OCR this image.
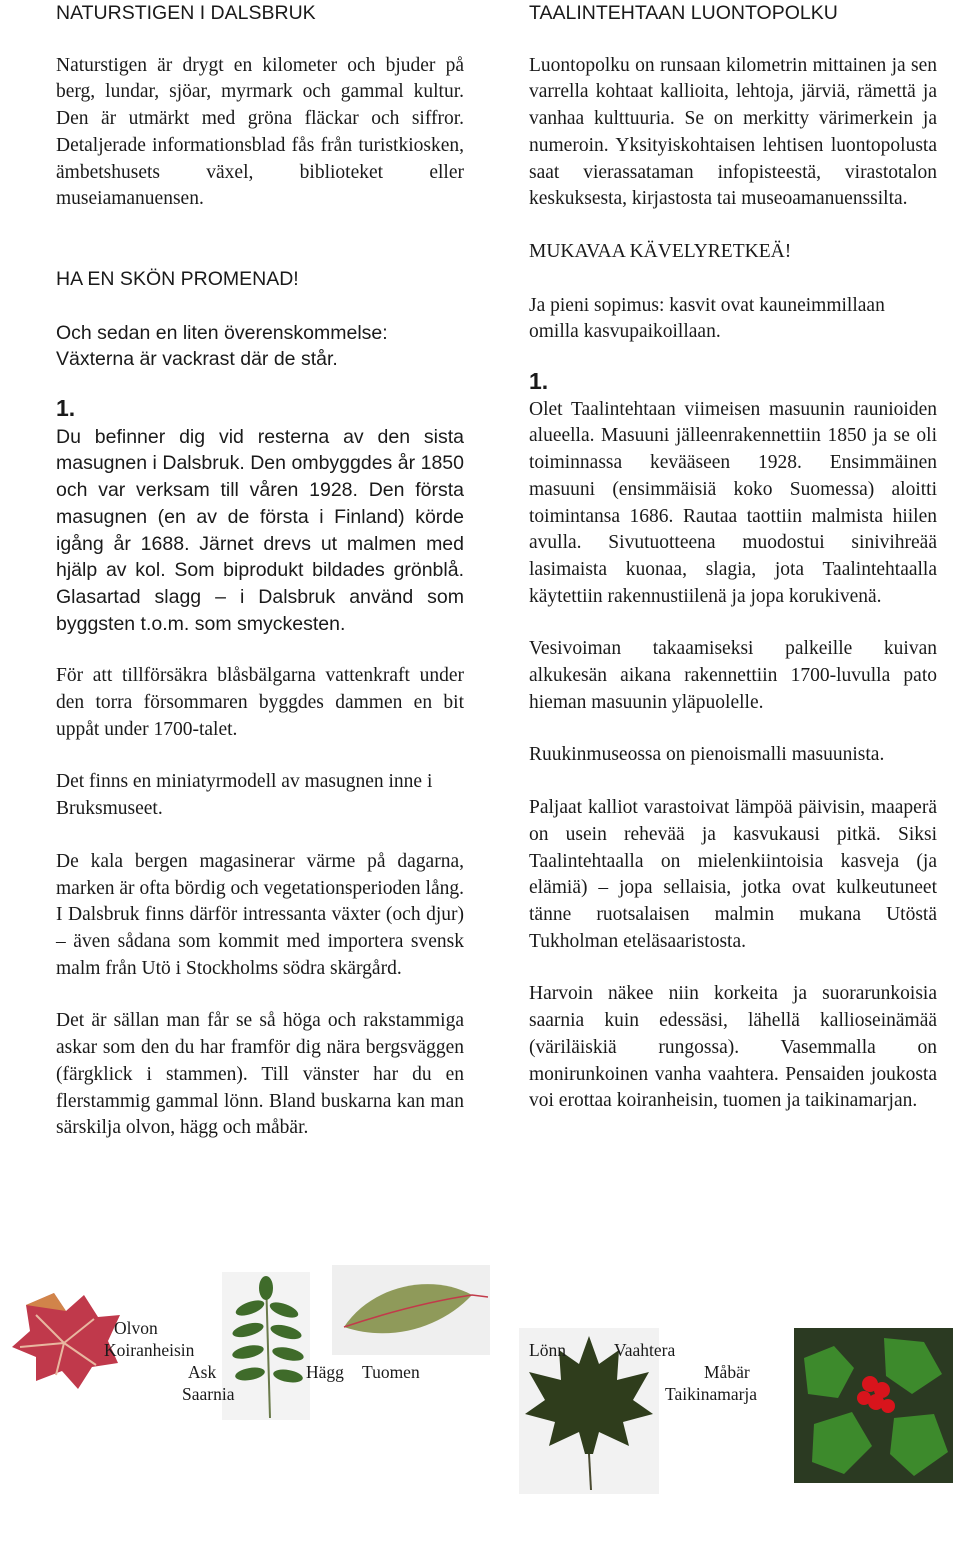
NATURSTIGEN I DALSBRUK

Naturstigen är drygt en kilometer och bjuder på berg, lundar, sjöar, myrmark och gammal kultur. Den är utmärkt med gröna fläckar och siffror. Detaljerade informationsblad fås från turistkiosken, ämbetshusets växel, biblioteket eller museiamanuensen.

HA EN SKÖN PROMENAD!

Och sedan en liten överenskommelse: Växterna är vackrast där de står.

1.

Du befinner dig vid resterna av den sista masugnen i Dalsbruk. Den ombyggdes år 1850 och var verksam till våren 1928. Den första masugnen (en av de första i Finland) körde igång år 1688. Järnet drevs ut malmen med hjälp av kol. Som biprodukt bildades grönblå. Glasartad slagg – i Dalsbruk använd som byggsten t.o.m. som smyckesten.

För att tillförsäkra blåsbälgarna vattenkraft under den torra försommaren byggdes dammen en bit uppåt under 1700-talet.

Det finns en miniatyrmodell av masugnen inne i Bruksmuseet.

De kala bergen magasinerar värme på dagarna, marken är ofta bördig och vegetationsperioden lång. I Dalsbruk finns därför intressanta växter (och djur) – även sådana som kommit med importera svensk malm från Utö i Stockholms södra skärgård.

Det är sällan man får se så höga och rakstammiga askar som den du har framför dig nära bergsväggen (färgklick i stammen). Till vänster har du en flerstammig gammal lönn. Bland buskarna kan man särskilja olvon, hägg och måbär.

TAALINTEHTAAN LUONTOPOLKU

Luontopolku on runsaan kilometrin mittainen ja sen varrella kohtaat kallioita, lehtoja, järviä, rämettä ja vanhaa kulttuuria. Se on merkitty värimerkein ja numeroin. Yksityiskohtaisen lehtisen luontopolusta saat vierassataman infopisteestä, virastotalon keskuksesta, kirjastosta tai museoamanuenssilta.

MUKAVAA KÄVELYRETKEÄ!

Ja pieni sopimus: kasvit ovat kauneimmillaan omilla kasvupaikoillaan.

1.

Olet Taalintehtaan viimeisen masuunin raunioiden alueella. Masuuni jälleenrakennettiin 1850 ja se oli toiminnassa kevääseen 1928. Ensimmäinen masuuni (ensimmäisiä koko Suomessa) aloitti toimintansa 1686. Rautaa taottiin malmista hiilen avulla. Sivutuotteena muodostui sinivihreää lasimaista kuonaa, slagia, jota Taalintehtaalla käytettiin rakennustiilenä ja jopa korukivenä.

Vesivoiman takaamiseksi palkeille kuivan alkukesän aikana rakennettiin 1700-luvulla pato hieman masuunin yläpuolelle.

Ruukinmuseossa on pienoismalli masuunista.

Paljaat kalliot varastoivat lämpöä päivisin, maaperä on usein rehevää ja kasvukausi pitkä. Siksi Taalintehtaalla on mielenkiintoisia kasveja (ja elämiä) – jopa sellaisia, jotka ovat kulkeutuneet tänne ruotsalaisen malmin mukana Utöstä Tukholman eteläsaaristosta.

Harvoin näkee niin korkeita ja suorarunkoisia saarnia kuin edessäsi, lähellä kallioseinämää (väriläiskiä rungossa). Vasemmalla on monirunkoinen vanha vaahtera. Pensaiden joukosta voi erottaa koiranheisin, tuomen ja taikinamarjan.

Olvon
Koiranheisin
Ask
Saarnia
Hägg Tuomen
Lönn	Vaahtera
Måbär
Taikinamarja
